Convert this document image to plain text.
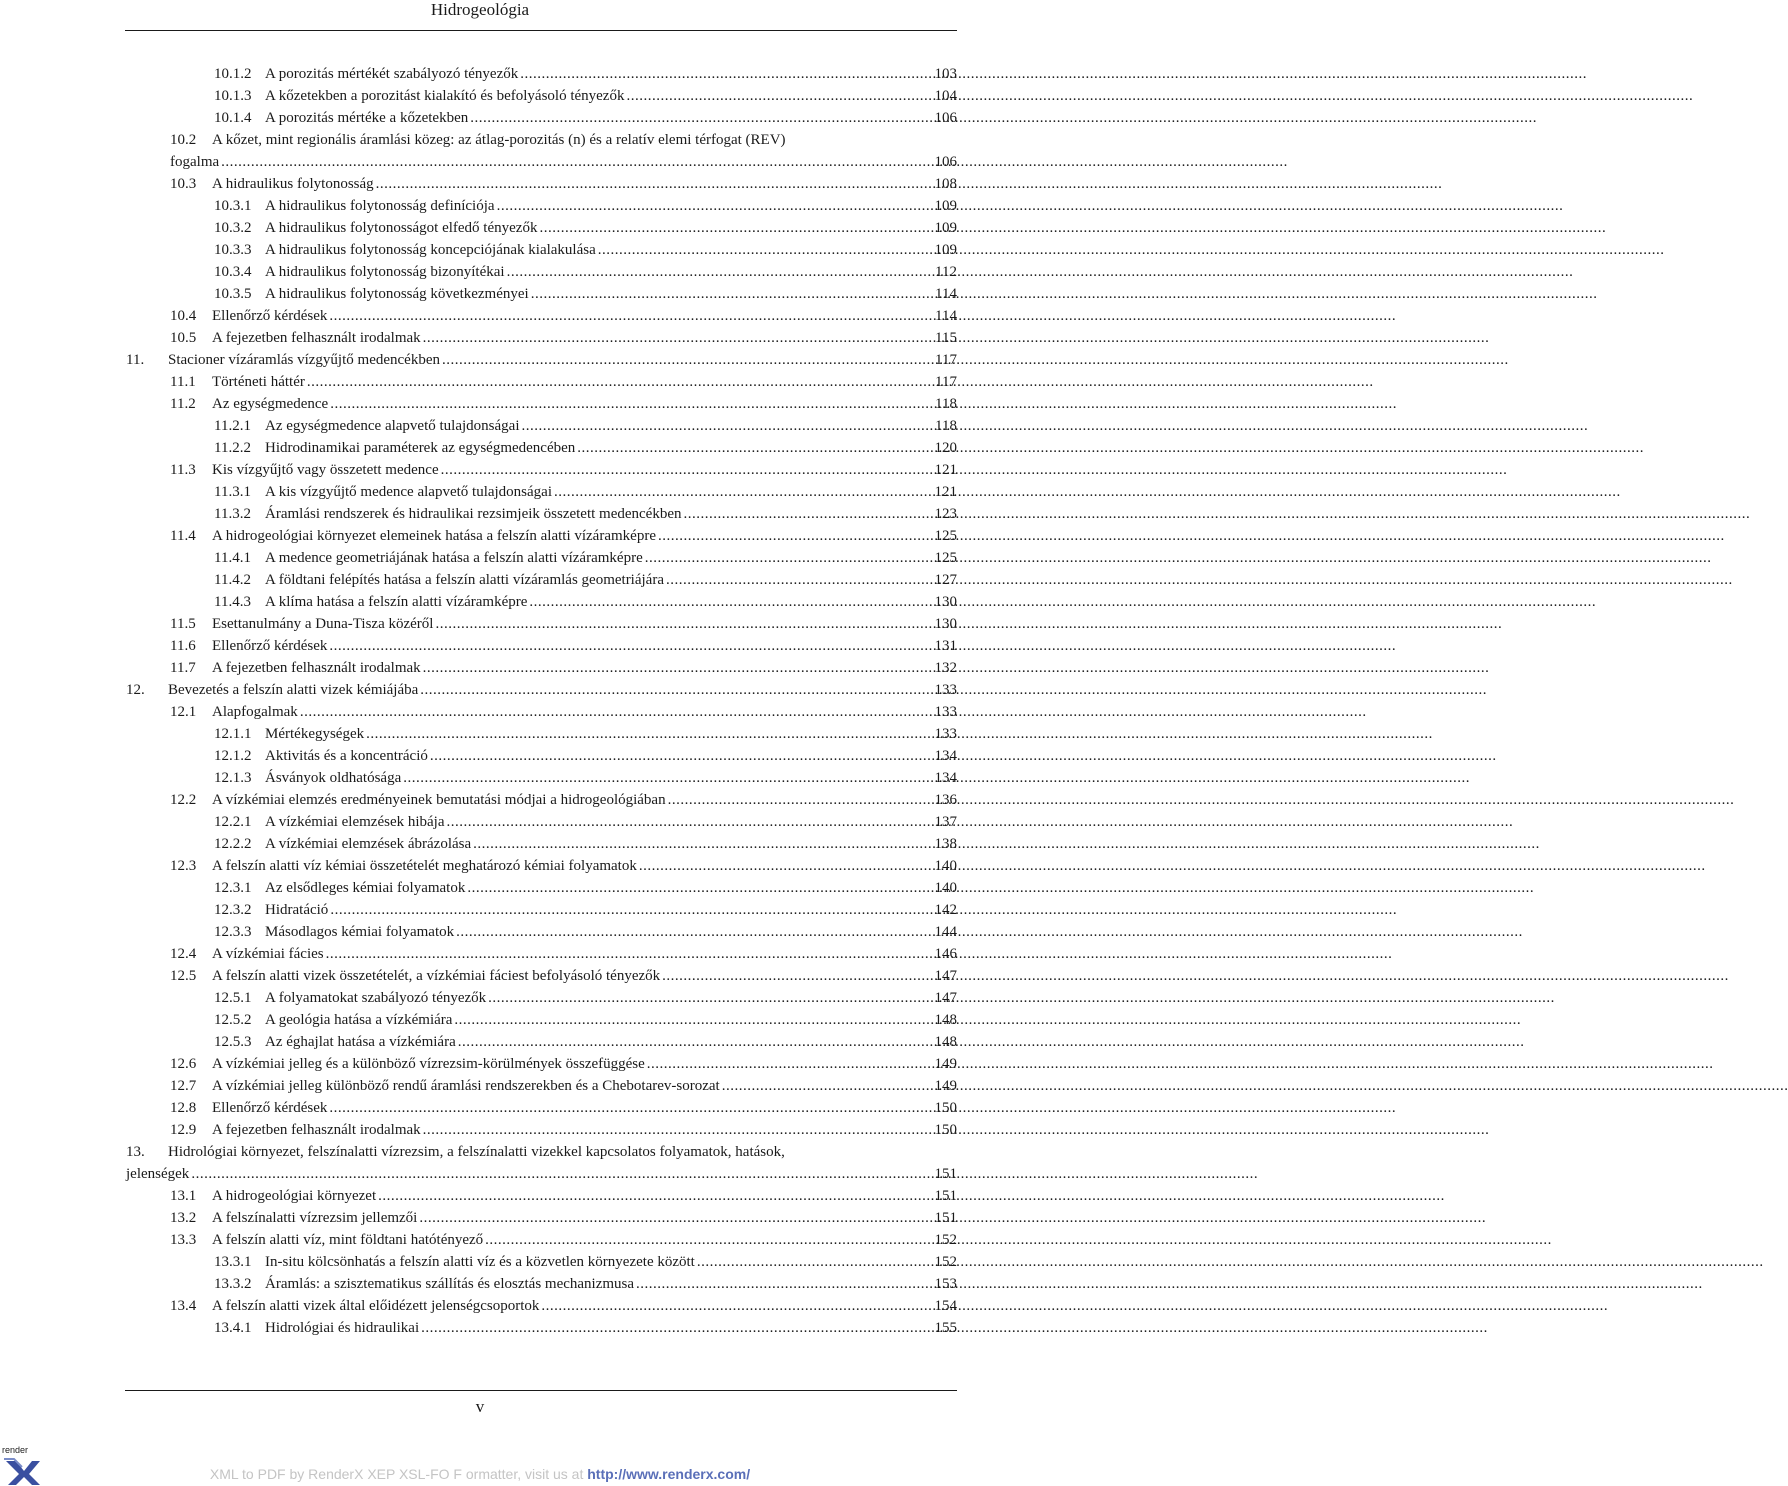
Hidrogeológia
10.1.2 A porozitás mértékét szabályozó tényezők .....	103
10.1.3 A kőzetekben a porozitást kialakító és befolyásoló tényezők .....	104
10.1.4 A porozitás mértéke a kőzetekben .....	106
10.2 A kőzet, mint regionális áramlási közeg: az átlag-porozitás (n) és a relatív elemi térfogat (REV)
fogalma .....	106
10.3	A hidraulikus folytonosság .....	108
10.3.1 A hidraulikus folytonosság definíciója .....	109
10.3.2 A hidraulikus folytonosságot elfedő tényezők .....	109
10.3.3 A hidraulikus folytonosság koncepciójának kialakulása .....	109
10.3.4 A hidraulikus folytonosság bizonyítékai .....	112
10.3.5 A hidraulikus folytonosság következményei .....	114
10.4	Ellenőrző kérdések .....	114
10.5	A fejezetben felhasznált irodalmak .....	115
11.	Stacioner vízáramlás vízgyűjtő medencékben .....	117
11.1	Történeti háttér .....	117
11.2	Az egységmedence .....	118
11.2.1 Az egységmedence alapvető tulajdonságai .....	118
11.2.2 Hidrodinamikai paraméterek az egységmedencében .....	120
11.3	Kis vízgyűjtő vagy összetett medence .....	121
11.3.1 A kis vízgyűjtő medence alapvető tulajdonságai .....	121
11.3.2 Áramlási rendszerek és hidraulikai rezsimjeik összetett medencékben .....	123
11.4	A hidrogeológiai környezet elemeinek hatása a felszín alatti vízáramképre .....	125
11.4.1 A medence geometriájának hatása a felszín alatti vízáramképre .....	125
11.4.2 A földtani felépítés hatása a felszín alatti vízáramlás geometriájára .....	127
11.4.3 A klíma hatása a felszín alatti vízáramképre .....	130
11.5	Esettanulmány a Duna-Tisza közéről .....	130
11.6	Ellenőrző kérdések .....	131
11.7	A fejezetben felhasznált irodalmak .....	132
12.	Bevezetés a felszín alatti vizek kémiájába .....	133
12.1	Alapfogalmak .....	133
12.1.1 Mértékegységek .....	133
12.1.2 Aktivitás és a koncentráció .....	134
12.1.3 Ásványok oldhatósága .....	134
12.2	A vízkémiai elemzés eredményeinek bemutatási módjai a hidrogeológiában .....	136
12.2.1 A vízkémiai elemzések hibája .....	137
12.2.2 A vízkémiai elemzések ábrázolása .....	138
12.3	A felszín alatti víz kémiai összetételét meghatározó kémiai folyamatok .....	140
12.3.1 Az elsődleges kémiai folyamatok .....	140
12.3.2 Hidratáció .....	142
12.3.3 Másodlagos kémiai folyamatok .....	144
12.4	A vízkémiai fácies .....	146
12.5	A felszín alatti vizek összetételét, a vízkémiai fáciest befolyásoló tényezők .....	147
12.5.1 A folyamatokat szabályozó tényezők .....	147
12.5.2 A geológia hatása a vízkémiára .....	148
12.5.3 Az éghajlat hatása a vízkémiára .....	148
12.6	A vízkémiai jelleg és a különböző vízrezsim-körülmények összefüggése .....	149
12.7	A vízkémiai jelleg különböző rendű áramlási rendszerekben és a Chebotarev-sorozat .....	149
12.8	Ellenőrző kérdések .....	150
12.9	A fejezetben felhasznált irodalmak .....	150
13. Hidrológiai környezet, felszínalatti vízrezsim, a felszínalatti vizekkel kapcsolatos folyamatok, hatások,
jelenségek .....	151
13.1	A hidrogeológiai környezet .....	151
13.2	A felszínalatti vízrezsim jellemzői .....	151
13.3	A felszín alatti víz, mint földtani hatótényező .....	152
13.3.1 In-situ kölcsönhatás a felszín alatti víz és a közvetlen környezete között .....	152
13.3.2 Áramlás: a szisztematikus szállítás és elosztás mechanizmusa .....	153
13.4	A felszín alatti vizek által előidézett jelenségcsoportok .....	154
13.4.1 Hidrológiai és hidraulikai .....	155
v
render
XML to PDF by RenderX XEP XSL-FO F ormatter, visit us at http://www.renderx.com/
